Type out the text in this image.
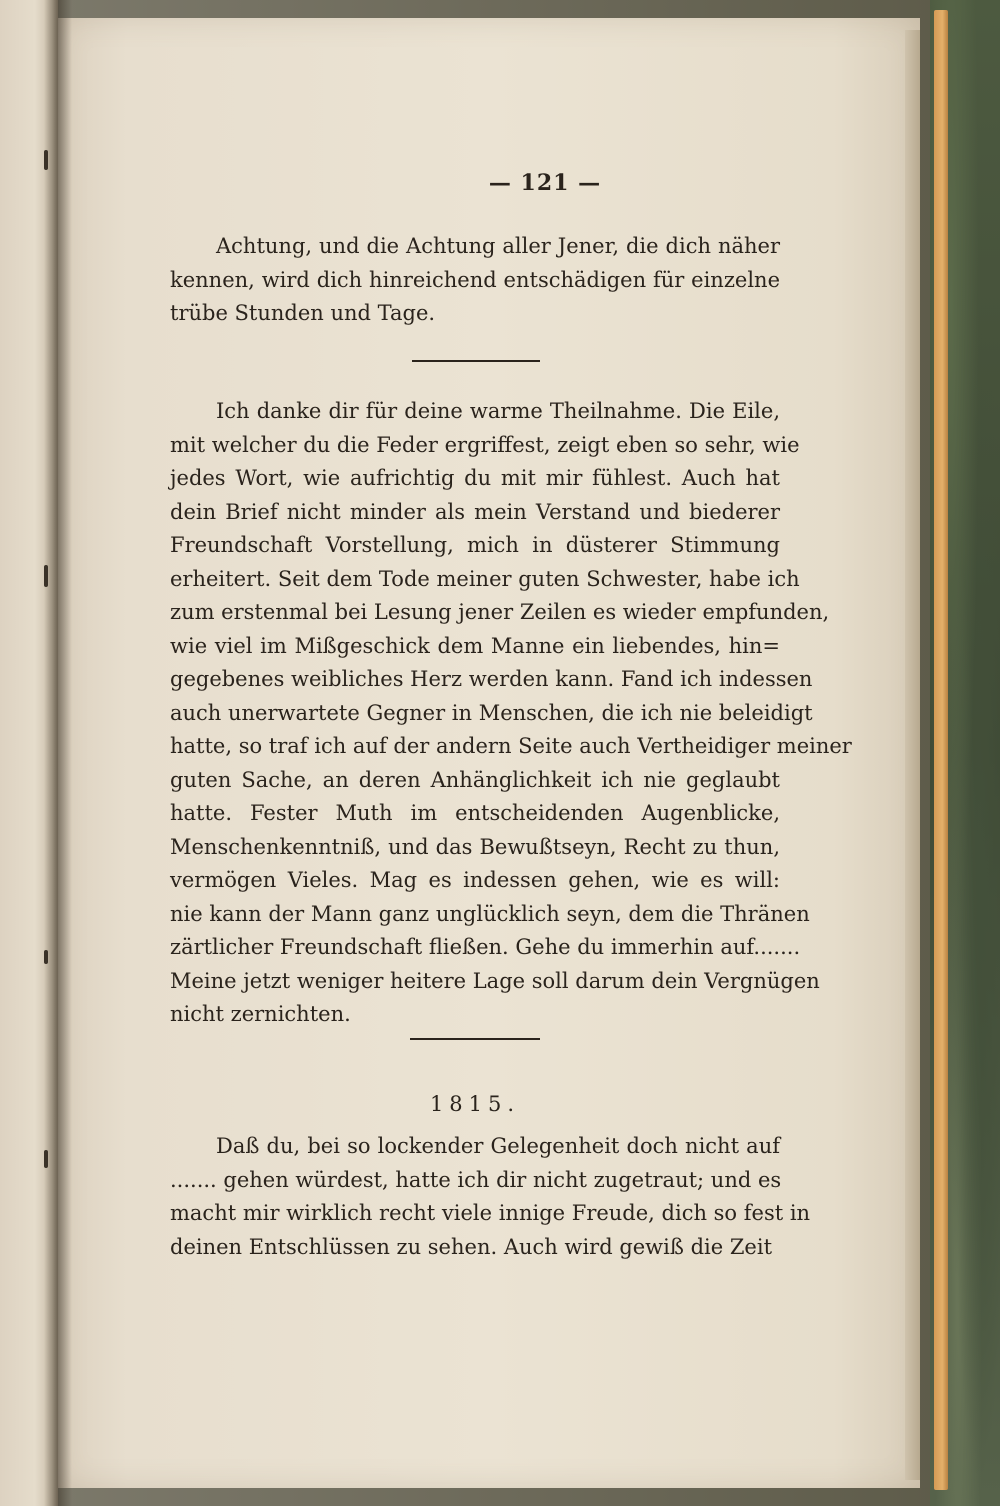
— 121 —
Achtung, und die Achtung aller Jener, die dich näher
kennen, wird dich hinreichend entschädigen für einzelne
trübe Stunden und Tage.
Ich danke dir für deine warme Theilnahme. Die Eile,
mit welcher du die Feder ergriffest, zeigt eben so sehr, wie
jedes Wort, wie aufrichtig du mit mir fühlest. Auch hat
dein Brief nicht minder als mein Verstand und biederer
Freundschaft Vorstellung, mich in düsterer Stimmung
erheitert. Seit dem Tode meiner guten Schwester, habe ich
zum erstenmal bei Lesung jener Zeilen es wieder empfunden,
wie viel im Mißgeschick dem Manne ein liebendes, hin=
gegebenes weibliches Herz werden kann. Fand ich indessen
auch unerwartete Gegner in Menschen, die ich nie beleidigt
hatte, so traf ich auf der andern Seite auch Vertheidiger meiner
guten Sache, an deren Anhänglichkeit ich nie geglaubt
hatte. Fester Muth im entscheidenden Augenblicke,
Menschenkenntniß, und das Bewußtseyn, Recht zu thun,
vermögen Vieles. Mag es indessen gehen, wie es will:
nie kann der Mann ganz unglücklich seyn, dem die Thränen
zärtlicher Freundschaft fließen. Gehe du immerhin auf.......
Meine jetzt weniger heitere Lage soll darum dein Vergnügen
nicht zernichten.
1815.
Daß du, bei so lockender Gelegenheit doch nicht auf
....... gehen würdest, hatte ich dir nicht zugetraut; und es
macht mir wirklich recht viele innige Freude, dich so fest in
deinen Entschlüssen zu sehen. Auch wird gewiß die Zeit
